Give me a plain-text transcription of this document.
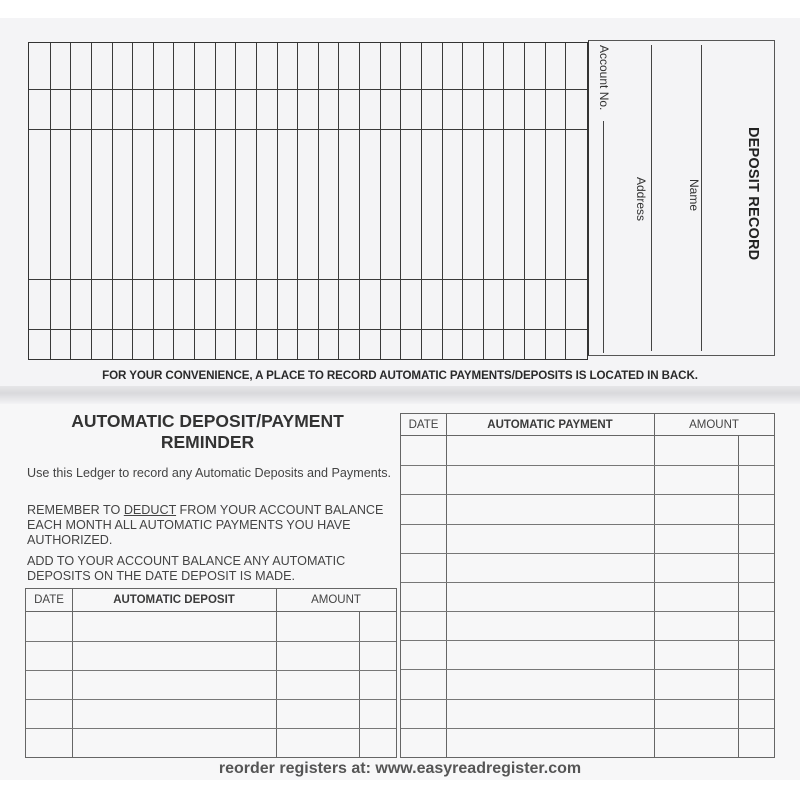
Account No.
Address	Name	DEPOSIT RECORD
FOR YOUR CONVENIENCE, A PLACE TO RECORD AUTOMATIC PAYMENTS/DEPOSITS IS LOCATED IN BACK.
AUTOMATIC DEPOSIT/PAYMENT
REMINDER

Use this Ledger to record any Automatic Deposits and Payments.

REMEMBER TO DEDUCT FROM YOUR ACCOUNT BALANCE EACH MONTH ALL AUTOMATIC PAYMENTS YOU HAVE AUTHORIZED.

ADD TO YOUR ACCOUNT BALANCE ANY AUTOMATIC DEPOSITS ON THE DATE DEPOSIT IS MADE.

DATE	AUTOMATIC DEPOSIT	AMOUNT
DATE	AUTOMATIC PAYMENT	AMOUNT
reorder registers at: www.easyreadregister.com
